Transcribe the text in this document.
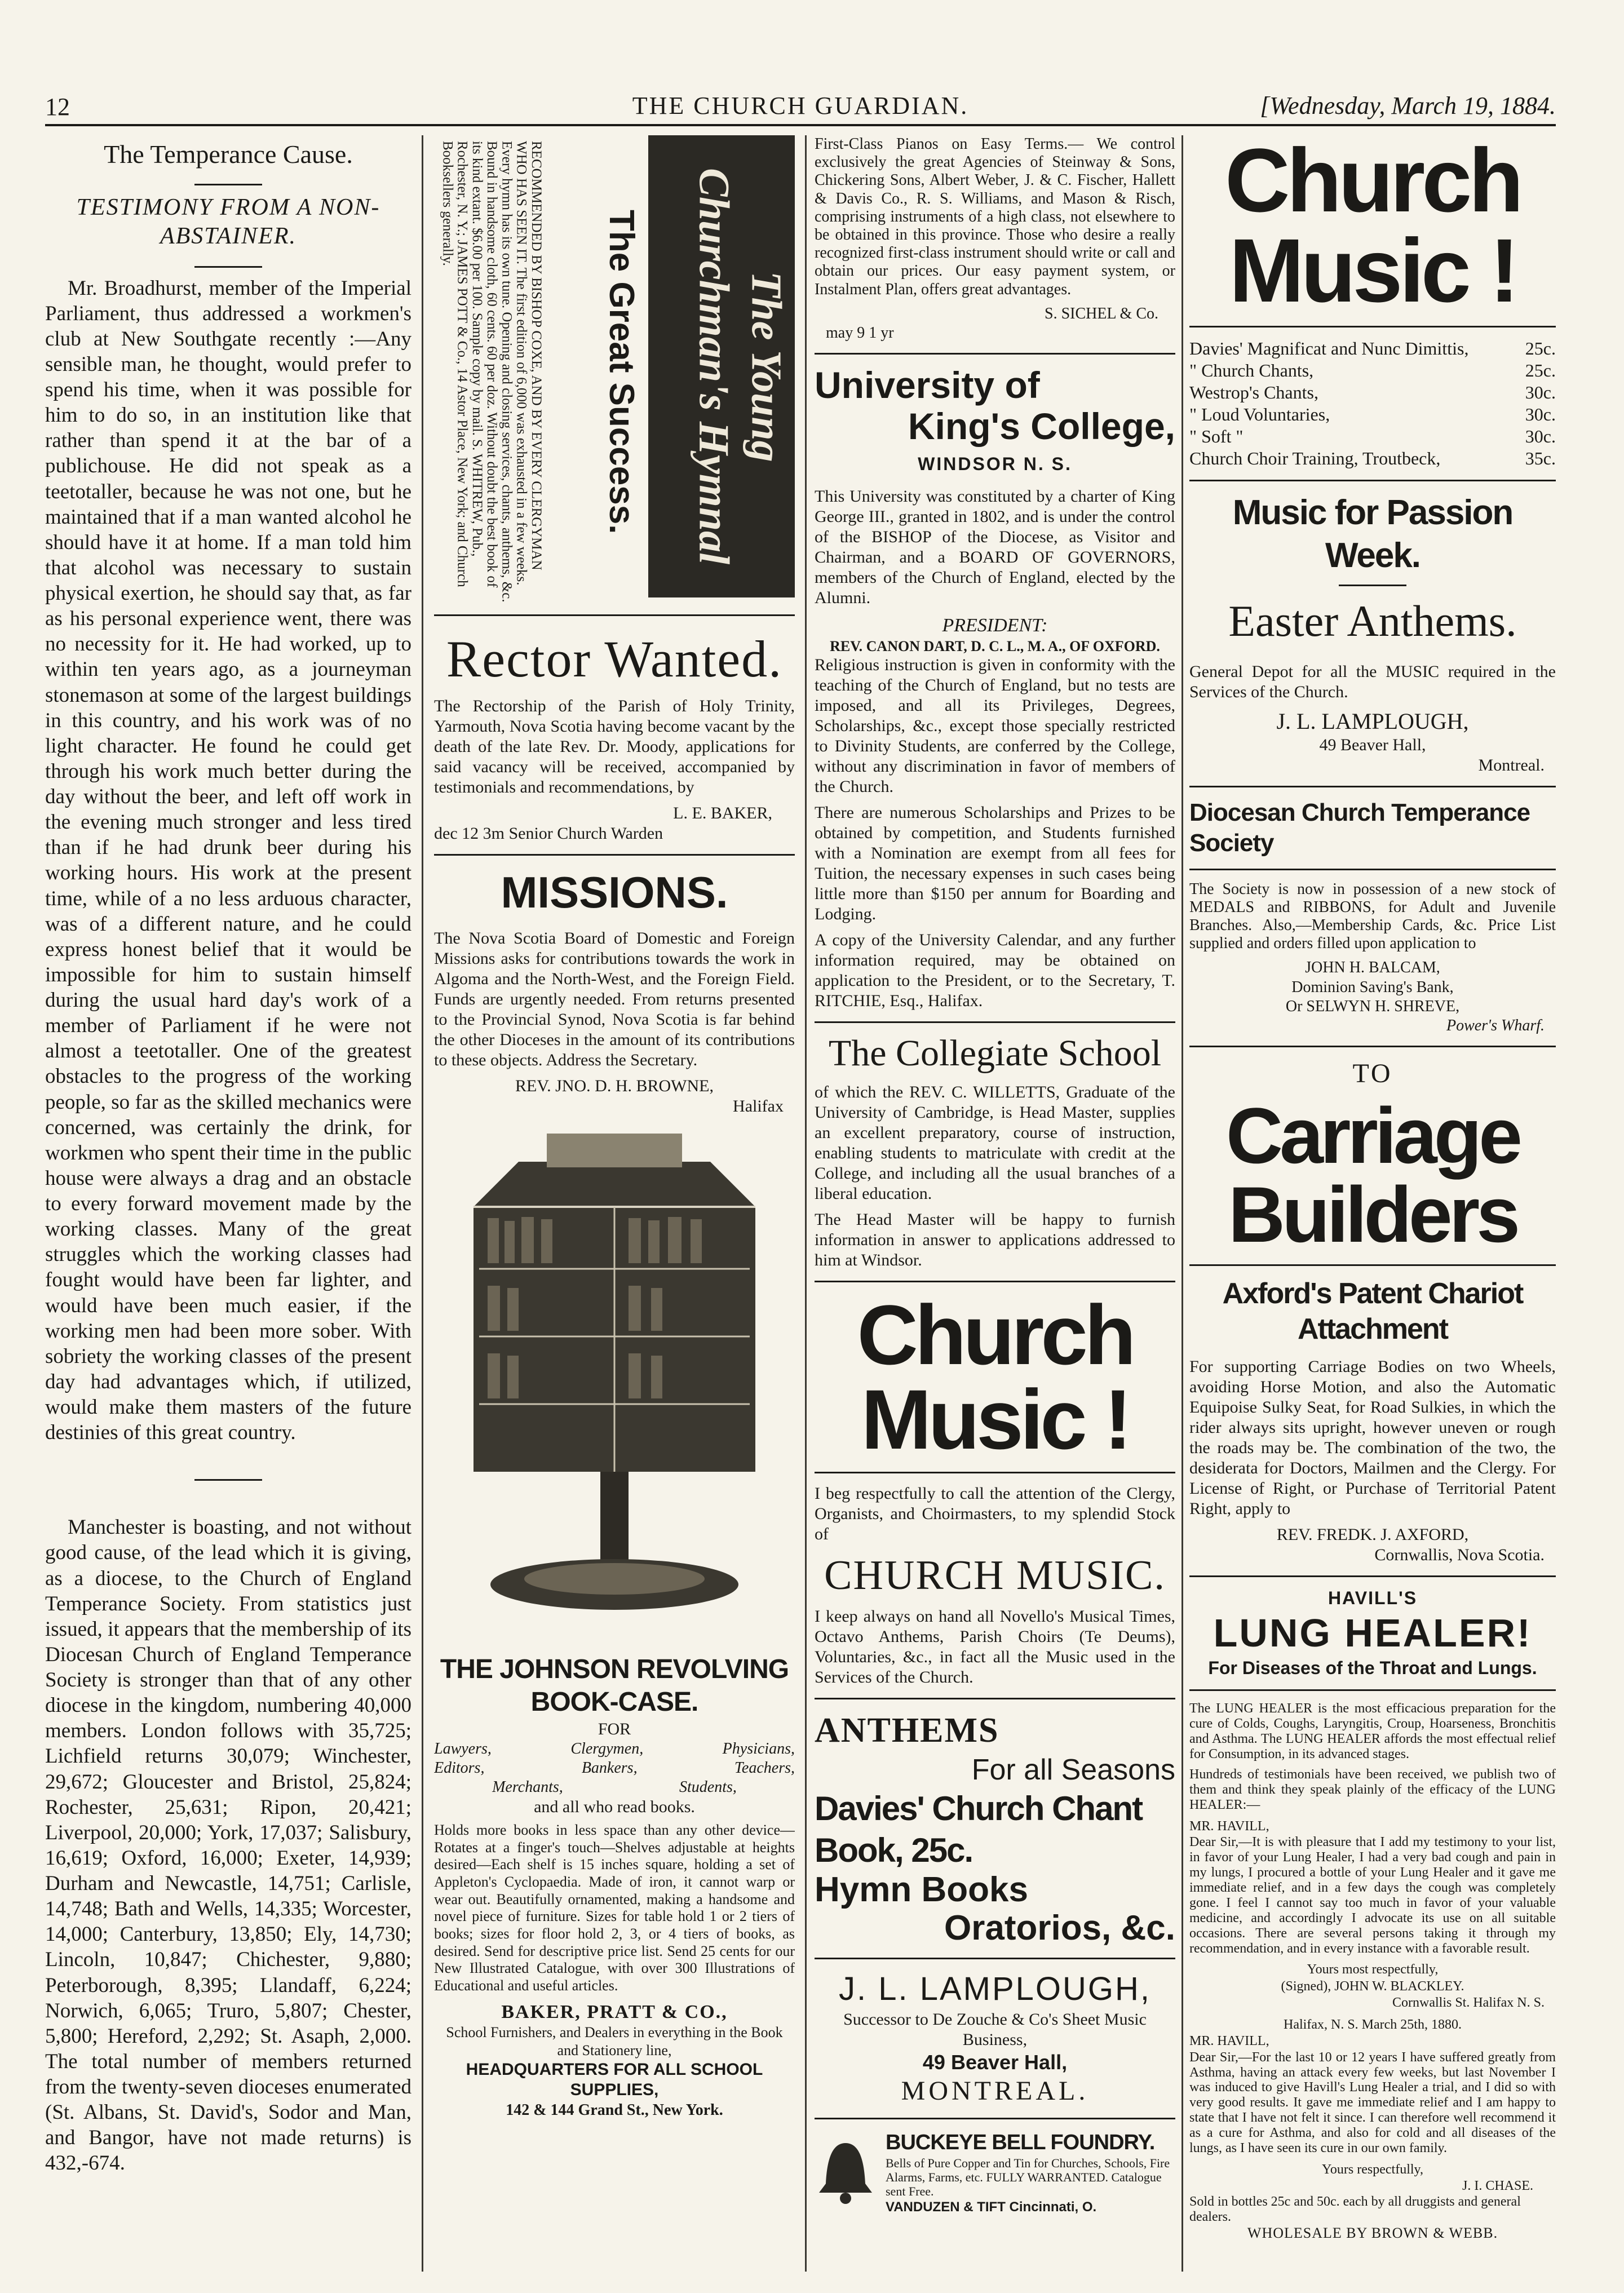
12	THE CHURCH GUARDIAN.	[Wednesday, March 19, 1884.
The Temperance Cause.
TESTIMONY FROM A NON-ABSTAINER.

Mr. Broadhurst, member of the Imperial Parliament, thus addressed a workmen's club at New Southgate recently :—Any sensible man, he thought, would prefer to spend his time, when it was possible for him to do so, in an institution like that rather than spend it at the bar of a publichouse. He did not speak as a teetotaller, because he was not one, but he maintained that if a man wanted alcohol he should have it at home. If a man told him that alcohol was necessary to sustain physical exertion, he should say that, as far as his personal experience went, there was no necessity for it. He had worked, up to within ten years ago, as a journeyman stonemason at some of the largest buildings in this country, and his work was of no light character. He found he could get through his work much better during the day without the beer, and left off work in the evening much stronger and less tired than if he had drunk beer during his working hours. His work at the present time, while of a no less arduous character, was of a different nature, and he could express honest belief that it would be impossible for him to sustain himself during the usual hard day's work of a member of Parliament if he were not almost a teetotaller. One of the greatest obstacles to the progress of the working people, so far as the skilled mechanics were concerned, was certainly the drink, for workmen who spent their time in the public house were always a drag and an obstacle to every forward movement made by the working classes. Many of the great struggles which the working classes had fought would have been far lighter, and would have been much easier, if the working men had been more sober. With sobriety the working classes of the present day had advantages which, if utilized, would make them masters of the future destinies of this great country.

Manchester is boasting, and not without good cause, of the lead which it is giving, as a diocese, to the Church of England Temperance Society. From statistics just issued, it appears that the membership of its Diocesan Church of England Temperance Society is stronger than that of any other diocese in the kingdom, numbering 40,000 members. London follows with 35,725; Lichfield returns 30,079; Winchester, 29,672; Gloucester and Bristol, 25,824; Rochester, 25,631; Ripon, 20,421; Liverpool, 20,000; York, 17,037; Salisbury, 16,619; Oxford, 16,000; Exeter, 14,939; Durham and Newcastle, 14,751; Carlisle, 14,748; Bath and Wells, 14,335; Worcester, 14,000; Canterbury, 13,850; Ely, 14,730; Lincoln, 10,847; Chichester, 9,880; Peterborough, 8,395; Llandaff, 6,224; Norwich, 6,065; Truro, 5,807; Chester, 5,800; Hereford, 2,292; St. Asaph, 2,000. The total number of members returned from the twenty-seven dioceses enumerated (St. Albans, St. David's, Sodor and Man, and Bangor, have not made returns) is 432,-674.

The Young Churchman's Hymnal
The Great Success.
RECOMMENDED BY BISHOP COXE, AND BY EVERY CLERGYMAN WHO HAS SEEN IT. The first edition of 6,000 was exhausted in a few weeks. Every hymn has its own tune. Opening and closing services, chants, anthems, &c. Bound in handsome cloth, 60 cents. 60 per doz. Without doubt the best book of its kind extant. $6.00 per 100. Sample copy by mail. S. WHITREW, Pub., Rochester, N. Y.; JAMES POTT & Co., 14 Astor Place, New York; and Church Booksellers generally.
Rector Wanted.

The Rectorship of the Parish of Holy Trinity, Yarmouth, Nova Scotia having become vacant by the death of the late Rev. Dr. Moody, applications for said vacancy will be received, accompanied by testimonials and recommendations, by

L. E. BAKER,
dec 12 3m Senior Church Warden
MISSIONS.

The Nova Scotia Board of Domestic and Foreign Missions asks for contributions towards the work in Algoma and the North-West, and the Foreign Field. Funds are urgently needed. From returns presented to the Provincial Synod, Nova Scotia is far behind the other Dioceses in the amount of its contributions to these objects. Address the Secretary.

REV. JNO. D. H. BROWNE,
Halifax
THE JOHNSON REVOLVING BOOK-CASE.
FOR
Lawyers,	Clergymen,	Physicians,
Editors,	Bankers,	Teachers,
Merchants,	Students,
and all who read books.

Holds more books in less space than any other device—Rotates at a finger's touch—Shelves adjustable at heights desired—Each shelf is 15 inches square, holding a set of Appleton's Cyclopaedia. Made of iron, it cannot warp or wear out. Beautifully ornamented, making a handsome and novel piece of furniture. Sizes for table hold 1 or 2 tiers of books; sizes for floor hold 2, 3, or 4 tiers of books, as desired. Send for descriptive price list. Send 25 cents for our New Illustrated Catalogue, with over 300 Illustrations of Educational and useful articles.

BAKER, PRATT & CO.,
School Furnishers, and Dealers in everything in the Book and Stationery line,
HEADQUARTERS FOR ALL SCHOOL SUPPLIES,
142 & 144 Grand St., New York.

First-Class Pianos on Easy Terms.— We control exclusively the great Agencies of Steinway & Sons, Chickering Sons, Albert Weber, J. & C. Fischer, Hallett & Davis Co., R. S. Williams, and Mason & Risch, comprising instruments of a high class, not elsewhere to be obtained in this province. Those who desire a really recognized first-class instrument should write or call and obtain our prices. Our easy payment system, or Instalment Plan, offers great advantages.

S. SICHEL & Co.
may 9 1 yr
University of
King's College,
WINDSOR N. S.

This University was constituted by a charter of King George III., granted in 1802, and is under the control of the BISHOP of the Diocese, as Visitor and Chairman, and a BOARD OF GOVERNORS, members of the Church of England, elected by the Alumni.

PRESIDENT:
REV. CANON DART, D. C. L., M. A., OF OXFORD.

Religious instruction is given in conformity with the teaching of the Church of England, but no tests are imposed, and all its Privileges, Degrees, Scholarships, &c., except those specially restricted to Divinity Students, are conferred by the College, without any discrimination in favor of members of the Church.

There are numerous Scholarships and Prizes to be obtained by competition, and Students furnished with a Nomination are exempt from all fees for Tuition, the necessary expenses in such cases being little more than $150 per annum for Boarding and Lodging.

A copy of the University Calendar, and any further information required, may be obtained on application to the President, or to the Secretary, T. RITCHIE, Esq., Halifax.

The Collegiate School

of which the REV. C. WILLETTS, Graduate of the University of Cambridge, is Head Master, supplies an excellent preparatory, course of instruction, enabling students to matriculate with credit at the College, and including all the usual branches of a liberal education.

The Head Master will be happy to furnish information in answer to applications addressed to him at Windsor.

Church Music !

I beg respectfully to call the attention of the Clergy, Organists, and Choirmasters, to my splendid Stock of

CHURCH MUSIC.

I keep always on hand all Novello's Musical Times, Octavo Anthems, Parish Choirs (Te Deums), Voluntaries, &c., in fact all the Music used in the Services of the Church.

ANTHEMS
For all Seasons
Davies' Church Chant Book, 25c.
Hymn Books
Oratorios, &c.
J. L. LAMPLOUGH,
Successor to De Zouche & Co's Sheet Music Business,
49 Beaver Hall,
MONTREAL.
BUCKEYE BELL FOUNDRY.
Bells of Pure Copper and Tin for Churches, Schools, Fire Alarms, Farms, etc. FULLY WARRANTED. Catalogue sent Free.
VANDUZEN & TIFT Cincinnati, O.
Church Music !
Davies' Magnificat and Nunc Dimittis,	25c.
" Church Chants,	25c.
Westrop's Chants,	30c.
" Loud Voluntaries,	30c.
" Soft "	30c.
Church Choir Training, Troutbeck,	35c.
Music for Passion Week.
Easter Anthems.

General Depot for all the MUSIC required in the Services of the Church.

J. L. LAMPLOUGH,
49 Beaver Hall,
Montreal.
Diocesan Church Temperance Society

The Society is now in possession of a new stock of MEDALS and RIBBONS, for Adult and Juvenile Branches. Also,—Membership Cards, &c. Price List supplied and orders filled upon application to

JOHN H. BALCAM,
Dominion Saving's Bank,
Or SELWYN H. SHREVE,
Power's Wharf.
TO
Carriage Builders
Axford's Patent Chariot Attachment

For supporting Carriage Bodies on two Wheels, avoiding Horse Motion, and also the Automatic Equipoise Sulky Seat, for Road Sulkies, in which the rider always sits upright, however uneven or rough the roads may be. The combination of the two, the desiderata for Doctors, Mailmen and the Clergy. For License of Right, or Purchase of Territorial Patent Right, apply to

REV. FREDK. J. AXFORD,
Cornwallis, Nova Scotia.
HAVILL'S
LUNG HEALER!
For Diseases of the Throat and Lungs.

The LUNG HEALER is the most efficacious preparation for the cure of Colds, Coughs, Laryngitis, Croup, Hoarseness, Bronchitis and Asthma. The LUNG HEALER affords the most effectual relief for Consumption, in its advanced stages.

Hundreds of testimonials have been received, we publish two of them and think they speak plainly of the efficacy of the LUNG HEALER:—

MR. HAVILL,

Dear Sir,—It is with pleasure that I add my testimony to your list, in favor of your Lung Healer, I had a very bad cough and pain in my lungs, I procured a bottle of your Lung Healer and it gave me immediate relief, and in a few days the cough was completely gone. I feel I cannot say too much in favor of your valuable medicine, and accordingly I advocate its use on all suitable occasions. There are several persons taking it through my recommendation, and in every instance with a favorable result.

Yours most respectfully,
(Signed), JOHN W. BLACKLEY.
Cornwallis St. Halifax N. S.
Halifax, N. S. March 25th, 1880.
MR. HAVILL,

Dear Sir,—For the last 10 or 12 years I have suffered greatly from Asthma, having an attack every few weeks, but last November I was induced to give Havill's Lung Healer a trial, and I did so with very good results. It gave me immediate relief and I am happy to state that I have not felt it since. I can therefore well recommend it as a cure for Asthma, and also for cold and all diseases of the lungs, as I have seen its cure in our own family.

Yours respectfully,
J. I. CHASE.
Sold in bottles 25c and 50c. each by all druggists and general dealers.
WHOLESALE BY BROWN & WEBB.
